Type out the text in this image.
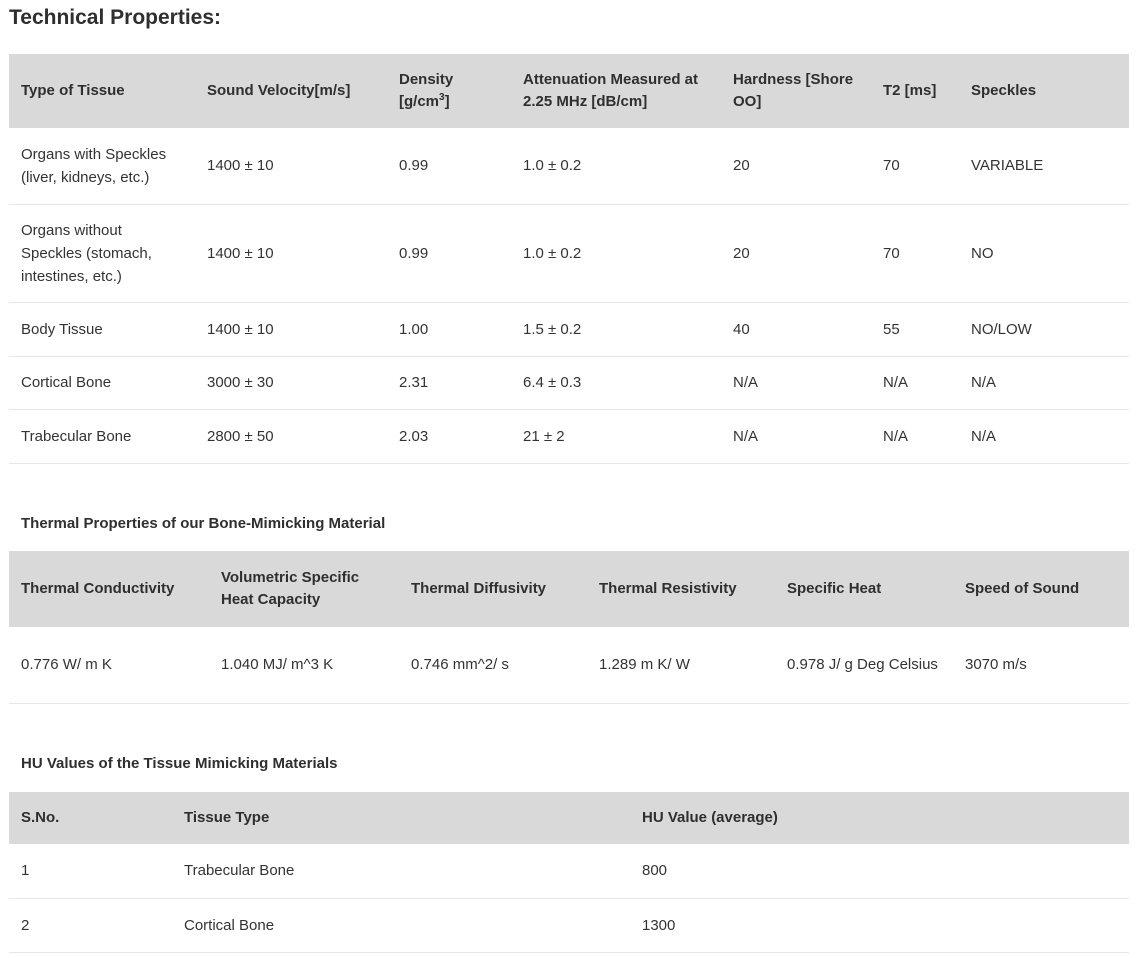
Technical Properties:
Type of Tissue	Sound Velocity[m/s]	Density $[g/cm^3]$	Attenuation Measured at 2.25 MHz [dB/cm]	Hardness [Shore OO]	T2 [ms]	Speckles
Organs with Speckles (liver, kidneys, etc.)	1400 ± 10	0.99	1.0 ± 0.2	20	70	VARIABLE
Organs without Speckles (stomach, intestines, etc.)	1400 ± 10	0.99	1.0 ± 0.2	20	70	NO
Body Tissue	1400 ± 10	1.00	1.5 ± 0.2	40	55	NO/LOW
Cortical Bone	3000 ± 30	2.31	6.4 ± 0.3	N/A	N/A	N/A
Trabecular Bone	2800 ± 50	2.03	21 ± 2	N/A	N/A	N/A
Thermal Properties of our Bone-Mimicking Material
Thermal Conductivity	Volumetric Specific Heat Capacity	Thermal Diffusivity	Thermal Resistivity	Specific Heat	Speed of Sound
0.776 W/ m K	1.040 MJ/ m^3 K	0.746 mm^2/ s	1.289 m K/ W	0.978 J/ g Deg Celsius	3070 m/s
HU Values of the Tissue Mimicking Materials
S.No.	Tissue Type	HU Value (average)
1	Trabecular Bone	800
2	Cortical Bone	1300
